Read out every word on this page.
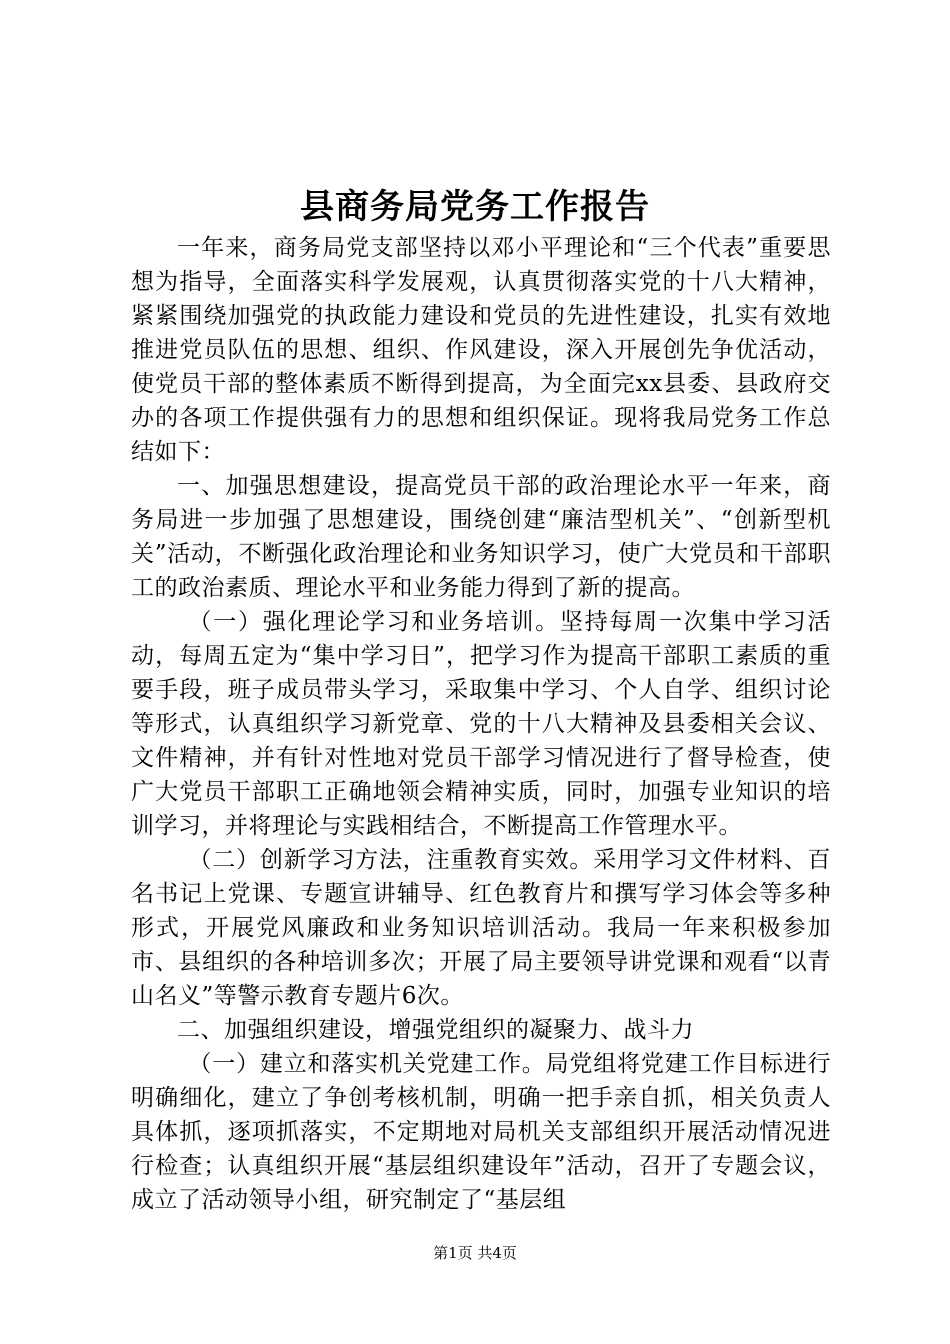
县商务局党务工作报告

一年来，商务局党支部坚持以邓小平理论和“三个代表”重要思想为指导，全面落实科学发展观，认真贯彻落实党的十八大精神，紧紧围绕加强党的执政能力建设和党员的先进性建设，扎实有效地推进党员队伍的思想、组织、作风建设，深入开展创先争优活动，使党员干部的整体素质不断得到提高，为全面完xx县委、县政府交办的各项工作提供强有力的思想和组织保证。现将我局党务工作总结如下：

一、加强思想建设，提高党员干部的政治理论水平一年来，商务局进一步加强了思想建设，围绕创建“廉洁型机关”、“创新型机关”活动，不断强化政治理论和业务知识学习，使广大党员和干部职工的政治素质、理论水平和业务能力得到了新的提高。

（一）强化理论学习和业务培训。坚持每周一次集中学习活动，每周五定为“集中学习日”，把学习作为提高干部职工素质的重要手段，班子成员带头学习，采取集中学习、个人自学、组织讨论等形式，认真组织学习新党章、党的十八大精神及县委相关会议、文件精神，并有针对性地对党员干部学习情况进行了督导检查，使广大党员干部职工正确地领会精神实质，同时，加强专业知识的培训学习，并将理论与实践相结合，不断提高工作管理水平。

（二）创新学习方法，注重教育实效。采用学习文件材料、百名书记上党课、专题宣讲辅导、红色教育片和撰写学习体会等多种形式，开展党风廉政和业务知识培训活动。我局一年来积极参加市、县组织的各种培训多次；开展了局主要领导讲党课和观看“以青山名义”等警示教育专题片6次。

二、加强组织建设，增强党组织的凝聚力、战斗力

（一）建立和落实机关党建工作。局党组将党建工作目标进行明确细化，建立了争创考核机制，明确一把手亲自抓，相关负责人具体抓，逐项抓落实，不定期地对局机关支部组织开展活动情况进行检查；认真组织开展“基层组织建设年”活动，召开了专题会议，成立了活动领导小组，研究制定了“基层组

第1页 共4页
